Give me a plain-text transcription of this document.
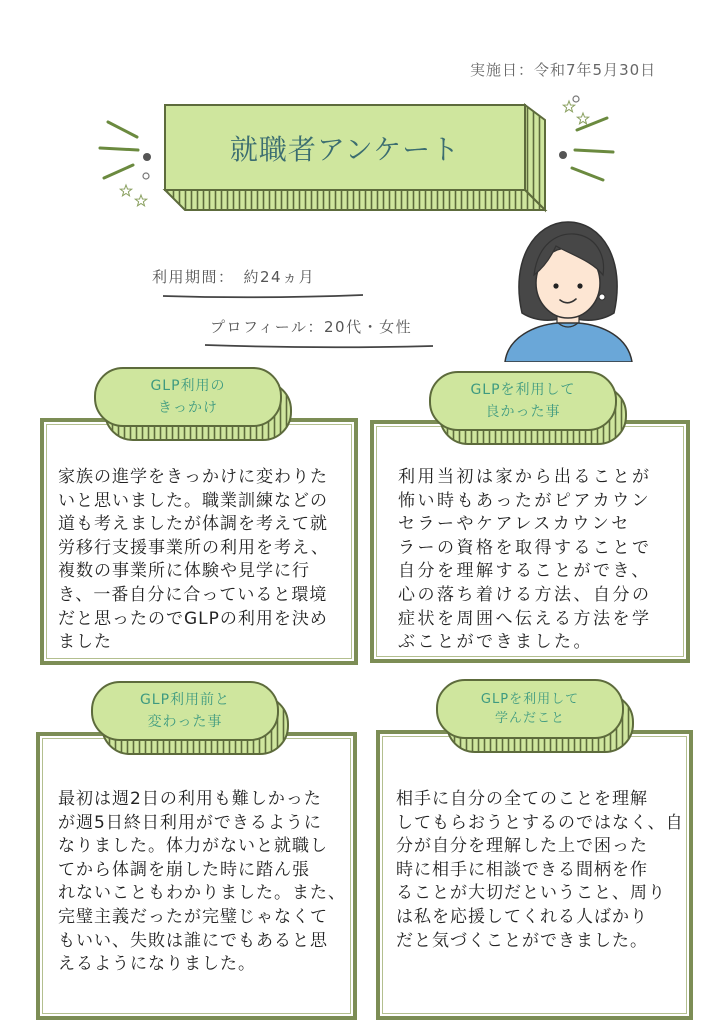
実施日：令和7年5月30日
就職者アンケート
利用期間：　約24ヵ月
プロフィール：20代・女性
GLP利用の
きっかけ
家族の進学をきっかけに変わりた
いと思いました。職業訓練などの
道も考えましたが体調を考えて就
労移行支援事業所の利用を考え、
複数の事業所に体験や見学に行
き、一番自分に合っていると環境
だと思ったのでGLPの利用を決め
ました
GLPを利用して
良かった事
利用当初は家から出ることが
怖い時もあったがピアカウン
セラーやケアレスカウンセ
ラーの資格を取得することで
自分を理解することができ、
心の落ち着ける方法、自分の
症状を周囲へ伝える方法を学
ぶことができました。
GLP利用前と
変わった事
最初は週2日の利用も難しかった
が週5日終日利用ができるように
なりました。体力がないと就職し
てから体調を崩した時に踏ん張
れないこともわかりました。また、
完璧主義だったが完璧じゃなくて
もいい、失敗は誰にでもあると思
えるようになりました。
GLPを利用して
学んだこと
相手に自分の全てのことを理解
してもらおうとするのではなく、自
分が自分を理解した上で困った
時に相手に相談できる間柄を作
ることが大切だということ、周り
は私を応援してくれる人ばかり
だと気づくことができました。
